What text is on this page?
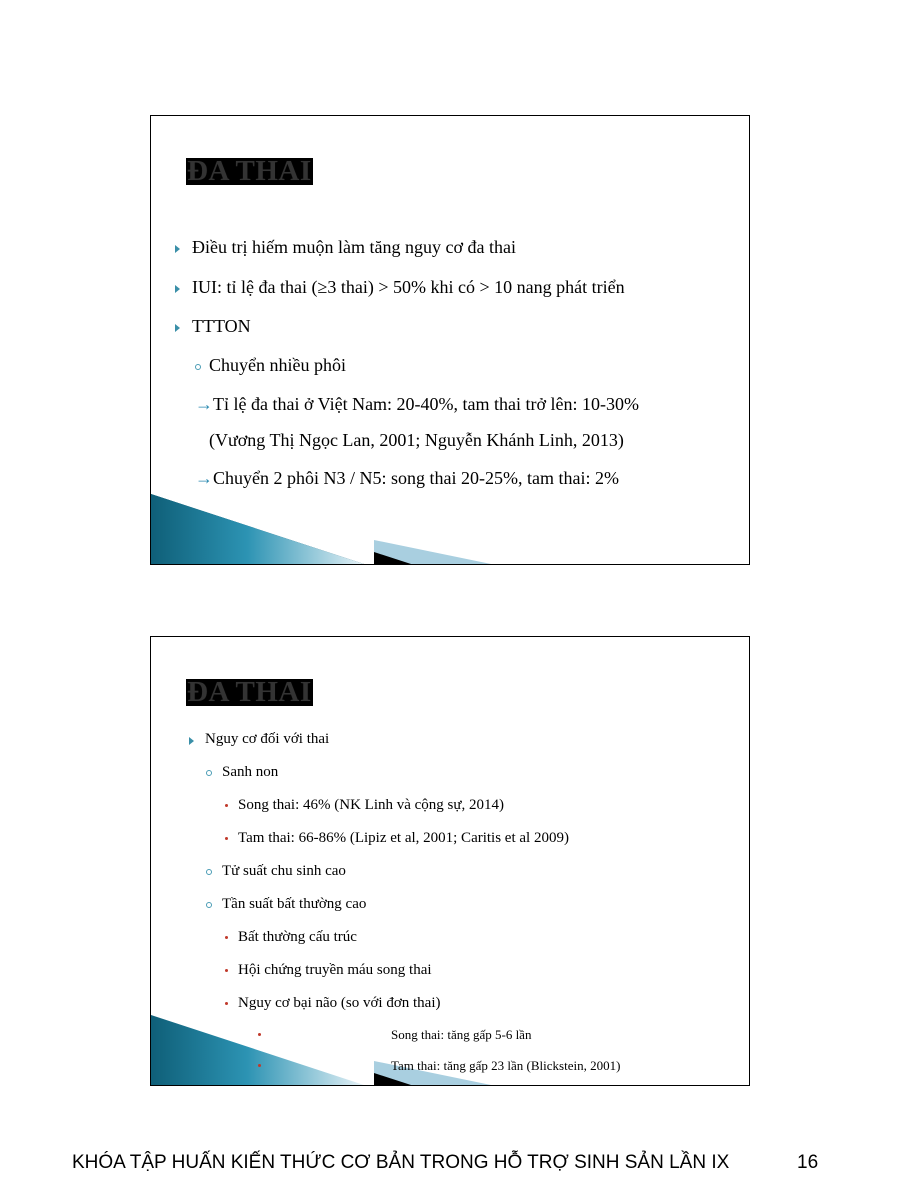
ĐA THAI
Điều trị hiếm muộn làm tăng nguy cơ đa thai
IUI: tỉ lệ đa thai (≥3 thai) > 50% khi có > 10 nang phát triển
TTTON
Chuyển nhiều phôi
→Tỉ lệ đa thai ở Việt Nam: 20-40%, tam thai trở lên: 10-30%
(Vương Thị Ngọc Lan, 2001; Nguyễn Khánh Linh, 2013)
→Chuyển 2 phôi N3 / N5: song thai 20-25%, tam thai: 2%
ĐA THAI
Nguy cơ đối với thai
Sanh non
Song thai: 46% (NK Linh và cộng sự, 2014)
Tam thai: 66-86% (Lipiz et al, 2001; Caritis et al 2009)
Tử suất chu sinh cao
Tần suất bất thường cao
Bất thường cấu trúc
Hội chứng truyền máu song thai
Nguy cơ bại não (so với đơn thai)
Song thai: tăng gấp 5-6 lần
Tam thai: tăng gấp 23 lần (Blickstein, 2001)
KHÓA TẬP HUẤN KIẾN THỨC CƠ BẢN TRONG HỖ TRỢ SINH SẢN LẦN IX	16
